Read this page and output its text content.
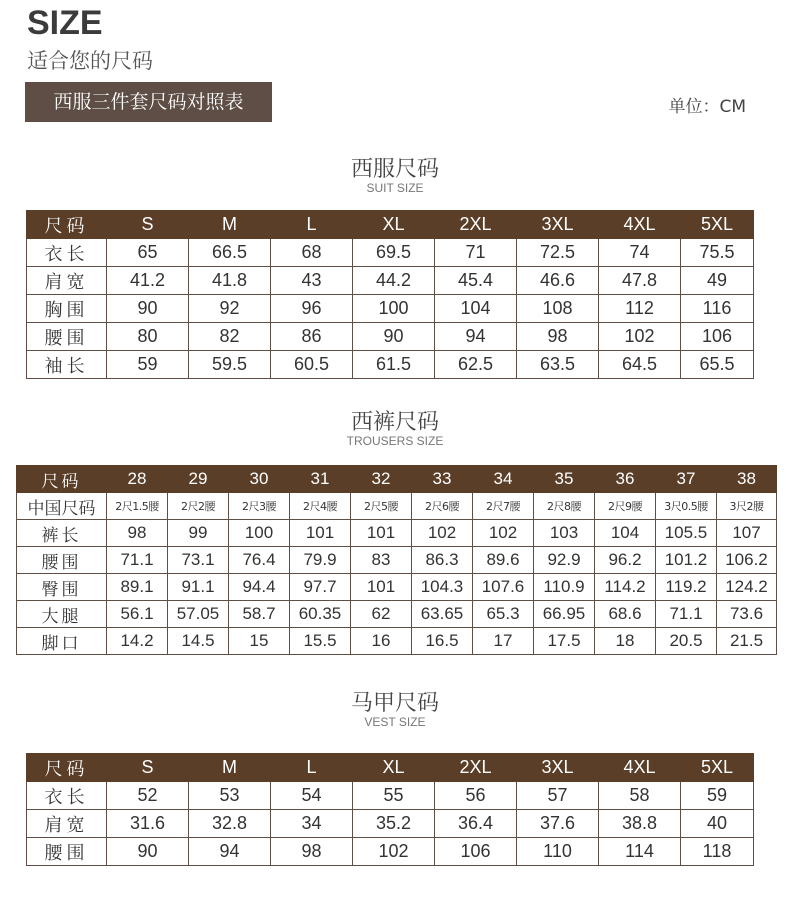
SIZE
适合您的尺码
西服三件套尺码对照表	单位：CM
西服尺码
SUIT SIZE
尺码	S	M	L	XL	2XL	3XL	4XL	5XL
衣长	65	66.5	68	69.5	71	72.5	74	75.5
肩宽	41.2	41.8	43	44.2	45.4	46.6	47.8	49
胸围	90	92	96	100	104	108	112	116
腰围	80	82	86	90	94	98	102	106
袖长	59	59.5	60.5	61.5	62.5	63.5	64.5	65.5
西裤尺码
TROUSERS SIZE
尺码	28	29	30	31	32	33	34	35	36	37	38
中国尺码	2尺1.5腰	2尺2腰	2尺3腰	2尺4腰	2尺5腰	2尺6腰	2尺7腰	2尺8腰	2尺9腰	3尺0.5腰	3尺2腰
裤长	98	99	100	101	101	102	102	103	104	105.5	107
腰围	71.1	73.1	76.4	79.9	83	86.3	89.6	92.9	96.2	101.2	106.2
臀围	89.1	91.1	94.4	97.7	101	104.3	107.6	110.9	114.2	119.2	124.2
大腿	56.1	57.05	58.7	60.35	62	63.65	65.3	66.95	68.6	71.1	73.6
脚口	14.2	14.5	15	15.5	16	16.5	17	17.5	18	20.5	21.5
马甲尺码
VEST SIZE
尺码	S	M	L	XL	2XL	3XL	4XL	5XL
衣长	52	53	54	55	56	57	58	59
肩宽	31.6	32.8	34	35.2	36.4	37.6	38.8	40
腰围	90	94	98	102	106	110	114	118
